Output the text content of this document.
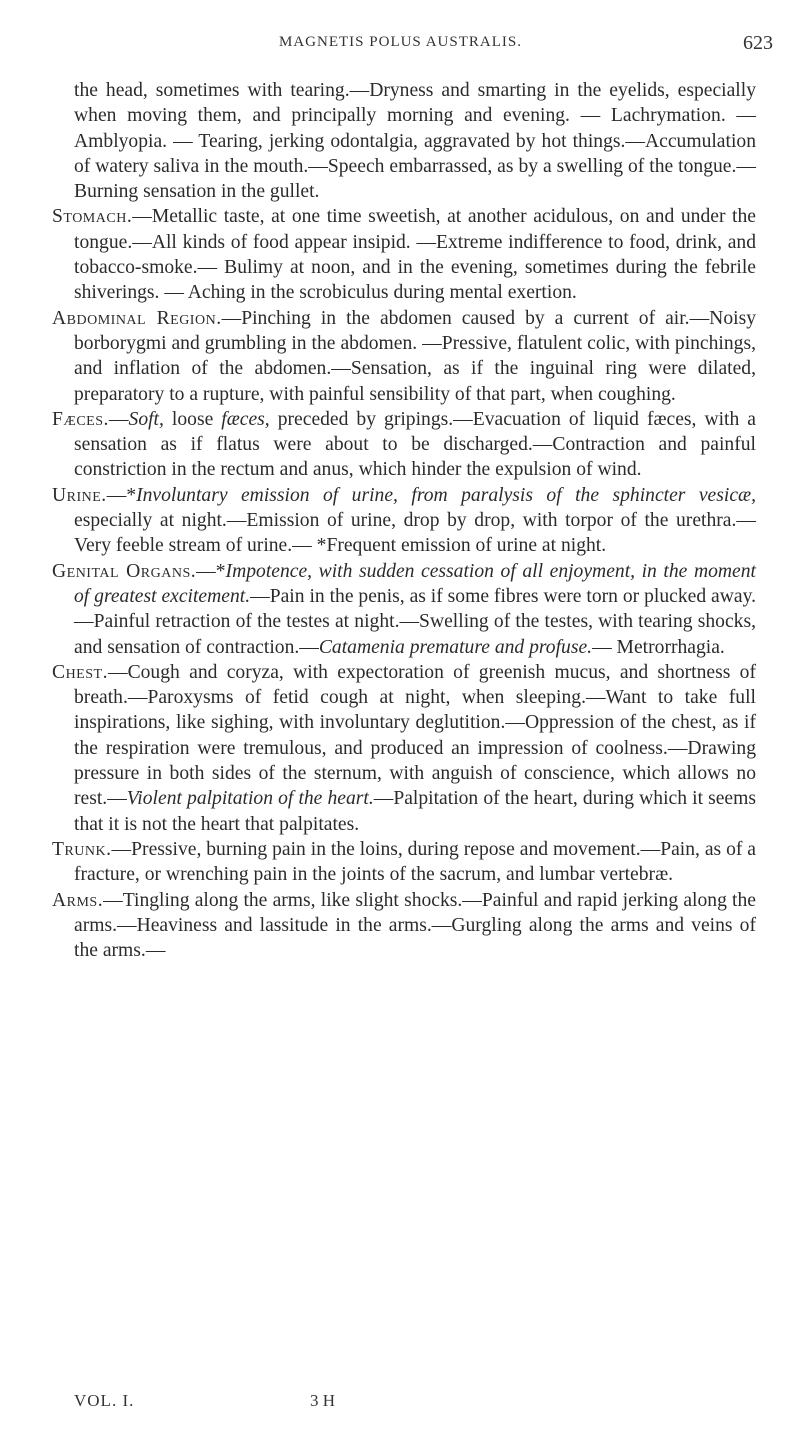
MAGNETIS POLUS AUSTRALIS.	623

the head, sometimes with tearing.—Dryness and smarting in the eyelids, especially when moving them, and principally morning and evening. — Lachrymation. — Amblyopia. — Tearing, jerking odontalgia, aggravated by hot things.—Accumulation of watery saliva in the mouth.—Speech embarrassed, as by a swelling of the tongue.—Burning sensation in the gullet.

Stomach.—Metallic taste, at one time sweetish, at another acidulous, on and under the tongue.—All kinds of food appear insipid. —Extreme indifference to food, drink, and tobacco-smoke.— Bulimy at noon, and in the evening, sometimes during the febrile shiverings. — Aching in the scrobiculus during mental exertion.

Abdominal Region.—Pinching in the abdomen caused by a current of air.—Noisy borborygmi and grumbling in the abdomen. —Pressive, flatulent colic, with pinchings, and inflation of the abdomen.—Sensation, as if the inguinal ring were dilated, preparatory to a rupture, with painful sensibility of that part, when coughing.

Fæces.—Soft, loose fæces, preceded by gripings.—Evacuation of liquid fæces, with a sensation as if flatus were about to be discharged.—Contraction and painful constriction in the rectum and anus, which hinder the expulsion of wind.

Urine.—*Involuntary emission of urine, from paralysis of the sphincter vesicæ, especially at night.—Emission of urine, drop by drop, with torpor of the urethra.—Very feeble stream of urine.— *Frequent emission of urine at night.

Genital Organs.—*Impotence, with sudden cessation of all enjoyment, in the moment of greatest excitement.—Pain in the penis, as if some fibres were torn or plucked away.—Painful retraction of the testes at night.—Swelling of the testes, with tearing shocks, and sensation of contraction.—Catamenia premature and profuse.— Metrorrhagia.

Chest.—Cough and coryza, with expectoration of greenish mucus, and shortness of breath.—Paroxysms of fetid cough at night, when sleeping.—Want to take full inspirations, like sighing, with involuntary deglutition.—Oppression of the chest, as if the respiration were tremulous, and produced an impression of coolness.—Drawing pressure in both sides of the sternum, with anguish of conscience, which allows no rest.—Violent palpitation of the heart.—Palpitation of the heart, during which it seems that it is not the heart that palpitates.

Trunk.—Pressive, burning pain in the loins, during repose and movement.—Pain, as of a fracture, or wrenching pain in the joints of the sacrum, and lumbar vertebræ.

Arms.—Tingling along the arms, like slight shocks.—Painful and rapid jerking along the arms.—Heaviness and lassitude in the arms.—Gurgling along the arms and veins of the arms.—

VOL. I.	3 H
